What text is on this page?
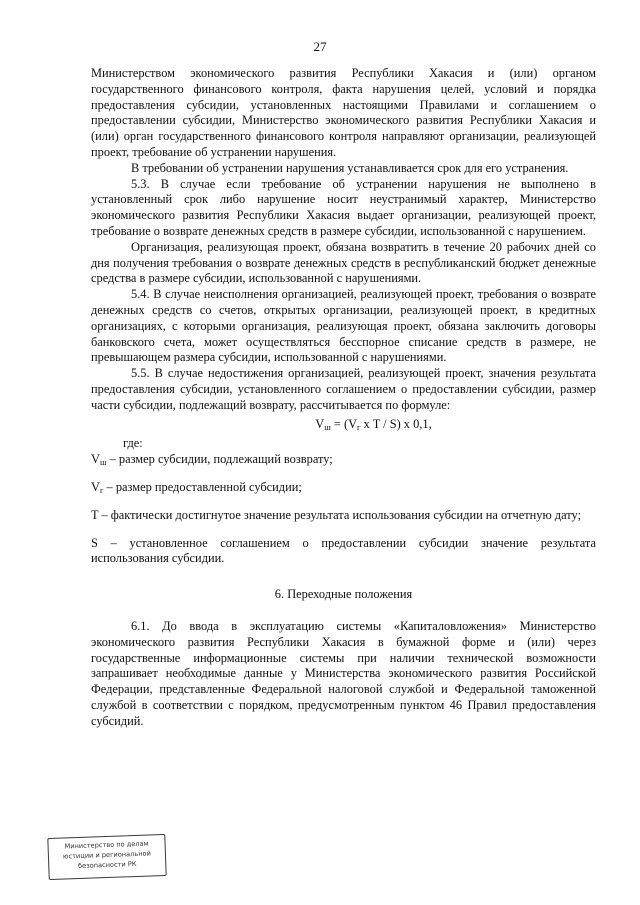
27

Министерством экономического развития Республики Хакасия и (или) органом государственного финансового контроля, факта нарушения целей, условий и порядка предоставления субсидии, установленных настоящими Правилами и соглашением о предоставлении субсидии, Министерство экономического развития Республики Хакасия и (или) орган государственного финансового контроля направляют организации, реализующей проект, требование об устранении нарушения.

В требовании об устранении нарушения устанавливается срок для его устранения.

5.3. В случае если требование об устранении нарушения не выполнено в установленный срок либо нарушение носит неустранимый характер, Министерство экономического развития Республики Хакасия выдает организации, реализующей проект, требование о возврате денежных средств в размере субсидии, использованной с нарушением.

Организация, реализующая проект, обязана возвратить в течение 20 рабочих дней со дня получения требования о возврате денежных средств в республиканский бюджет денежные средства в размере субсидии, использованной с нарушениями.

5.4. В случае неисполнения организацией, реализующей проект, требования о возврате денежных средств со счетов, открытых организации, реализующей проект, в кредитных организациях, с которыми организация, реализующая проект, обязана заключить договоры банковского счета, может осуществляться бесспорное списание средств в размере, не превышающем размера субсидии, использованной с нарушениями.

5.5. В случае недостижения организацией, реализующей проект, значения результата предоставления субсидии, установленного соглашением о предоставлении субсидии, размер части субсидии, подлежащий возврату, рассчитывается по формуле:

$V_ш = (V_г$ x T / S) x 0,1,
где:

$V_ш$ – размер субсидии, подлежащий возврату;

$V_г$ – размер предоставленной субсидии;

T – фактически достигнутое значение результата использования субсидии на отчетную дату;

S – установленное соглашением о предоставлении субсидии значение результата использования субсидии.

6. Переходные положения

6.1. До ввода в эксплуатацию системы «Капиталовложения» Министерство экономического развития Республики Хакасия в бумажной форме и (или) через государственные информационные системы при наличии технической возможности запрашивает необходимые данные у Министерства экономического развития Российской Федерации, представленные Федеральной налоговой службой и Федеральной таможенной службой в соответствии с порядком, предусмотренным пунктом 46 Правил предоставления субсидий.

Министерство по делам
юстиции и региональной
безопасности РК
